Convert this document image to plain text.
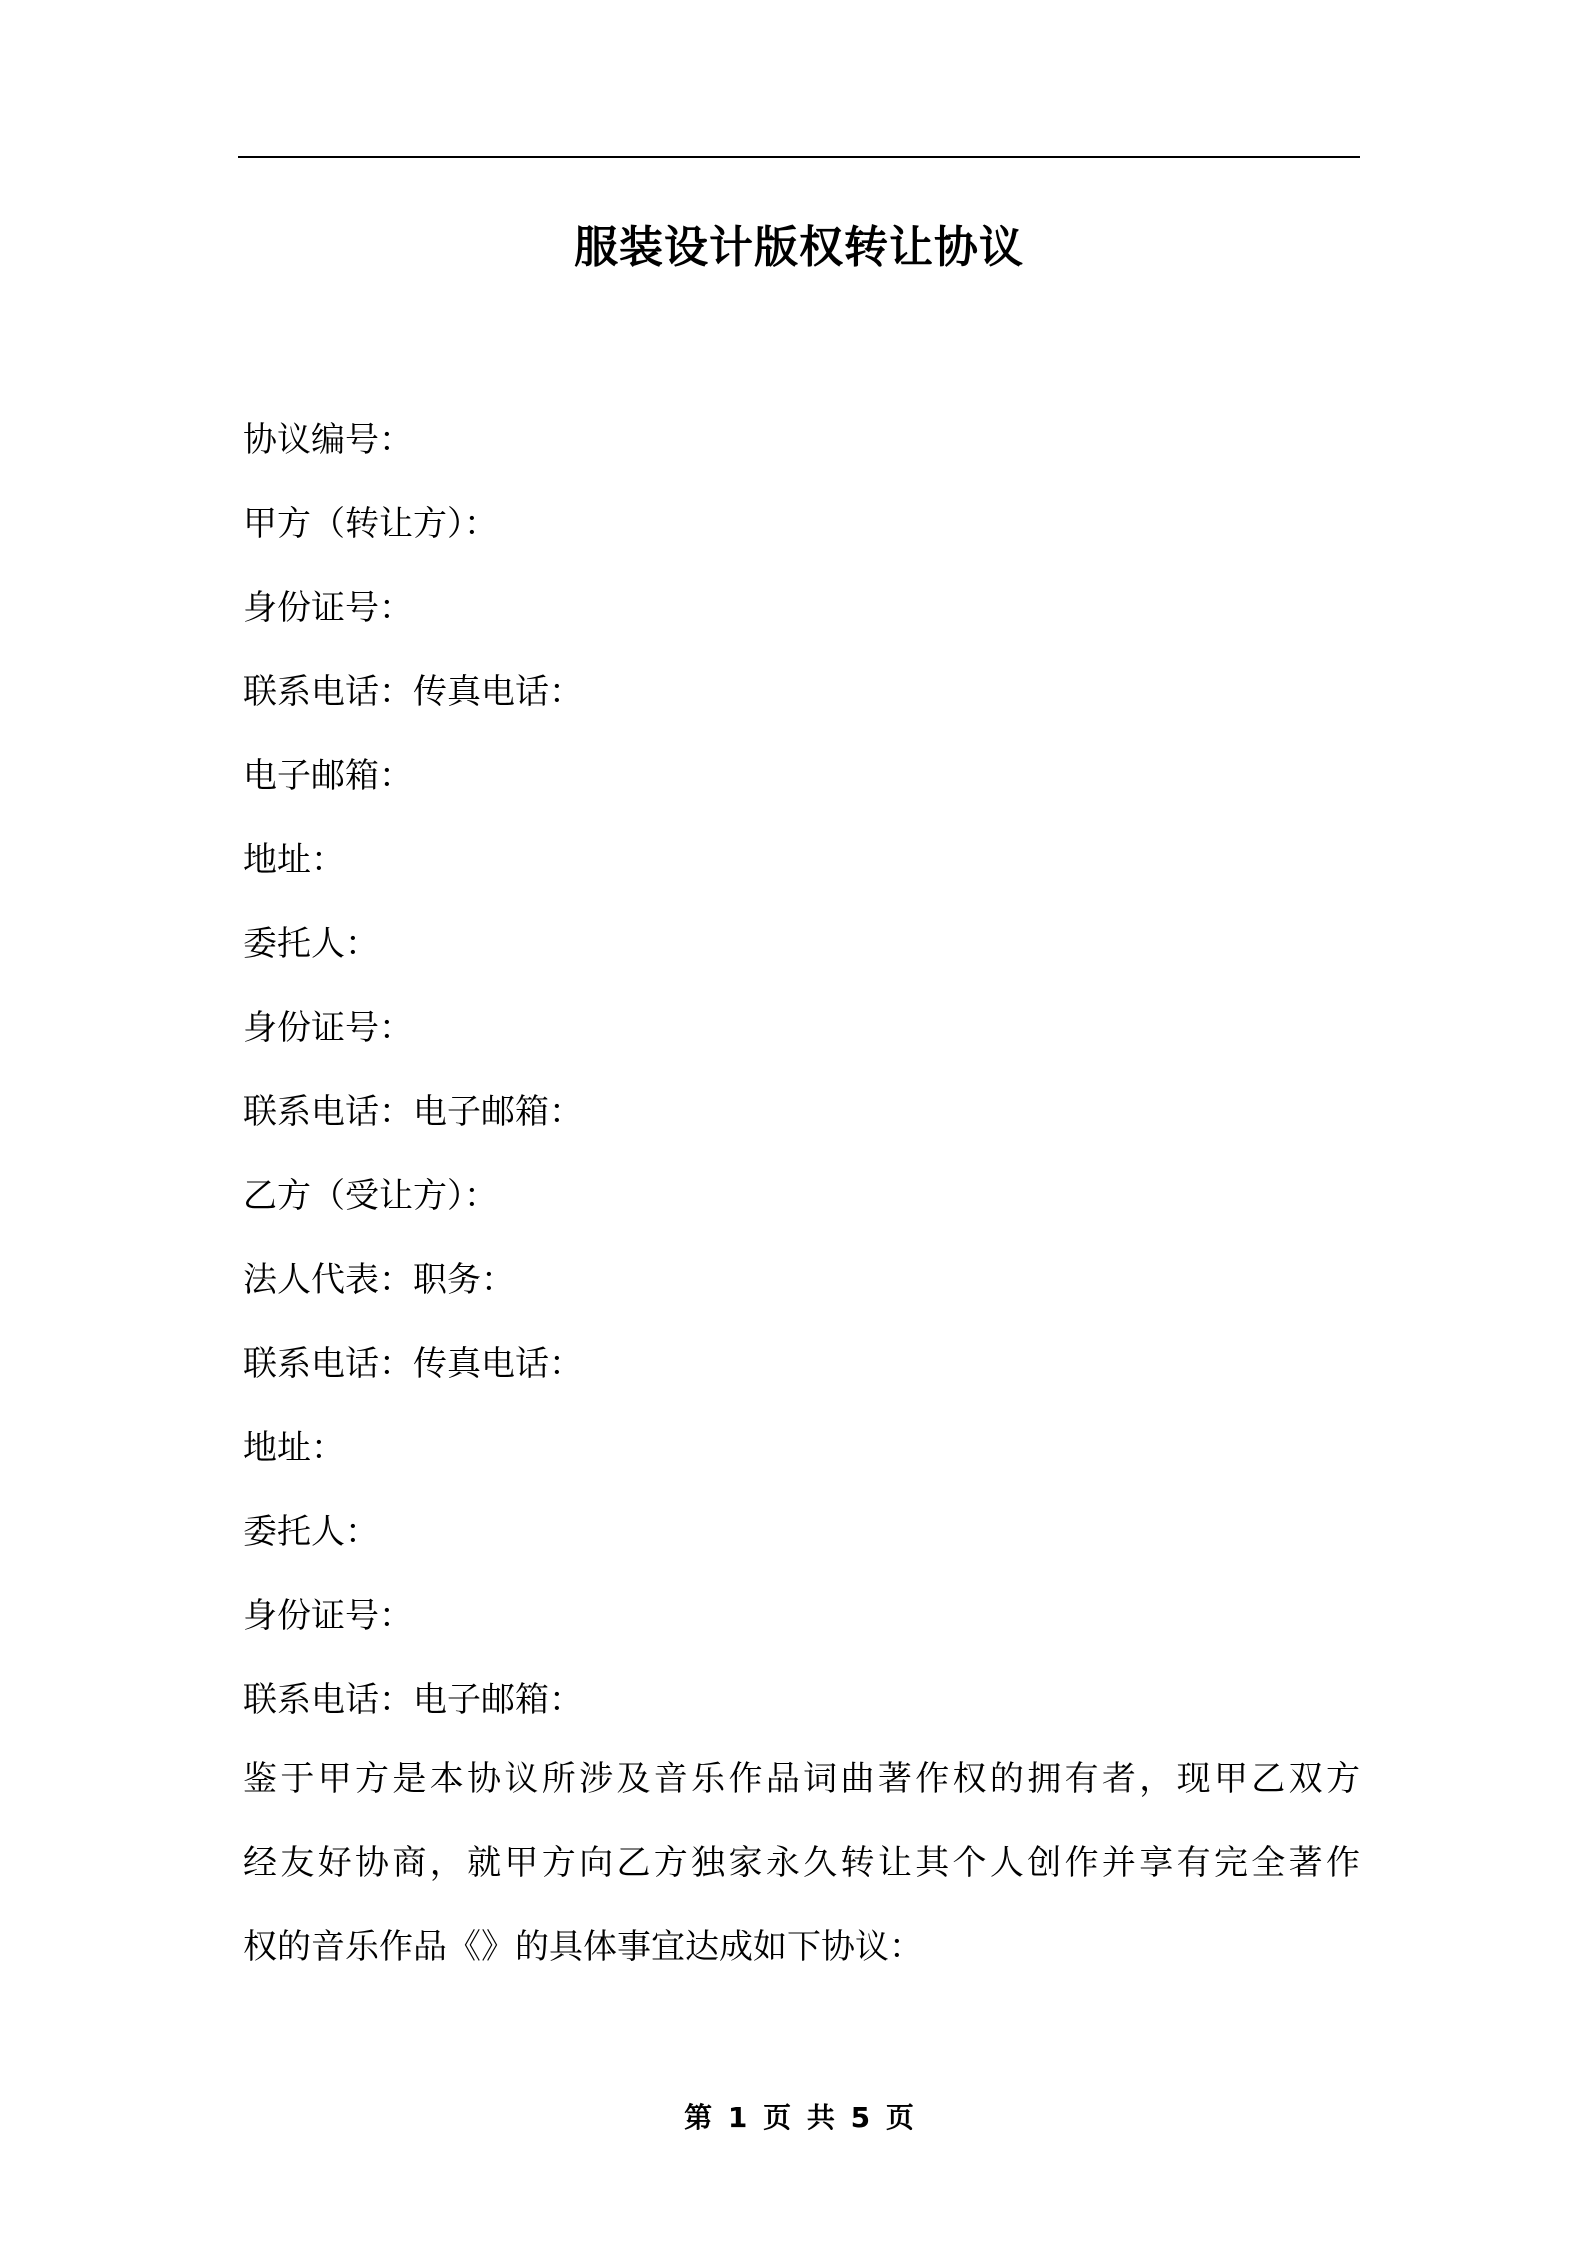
服装设计版权转让协议
协议编号：
甲方（转让方）：
身份证号：
联系电话：传真电话：
电子邮箱：
地址：
委托人：
身份证号：
联系电话：电子邮箱：
乙方（受让方）：
法人代表：职务：
联系电话：传真电话：
地址：
委托人：
身份证号：
联系电话：电子邮箱：
鉴于甲方是本协议所涉及音乐作品词曲著作权的拥有者，现甲乙双方
经友好协商，就甲方向乙方独家永久转让其个人创作并享有完全著作
权的音乐作品《》的具体事宜达成如下协议：
第 1 页 共 5 页
